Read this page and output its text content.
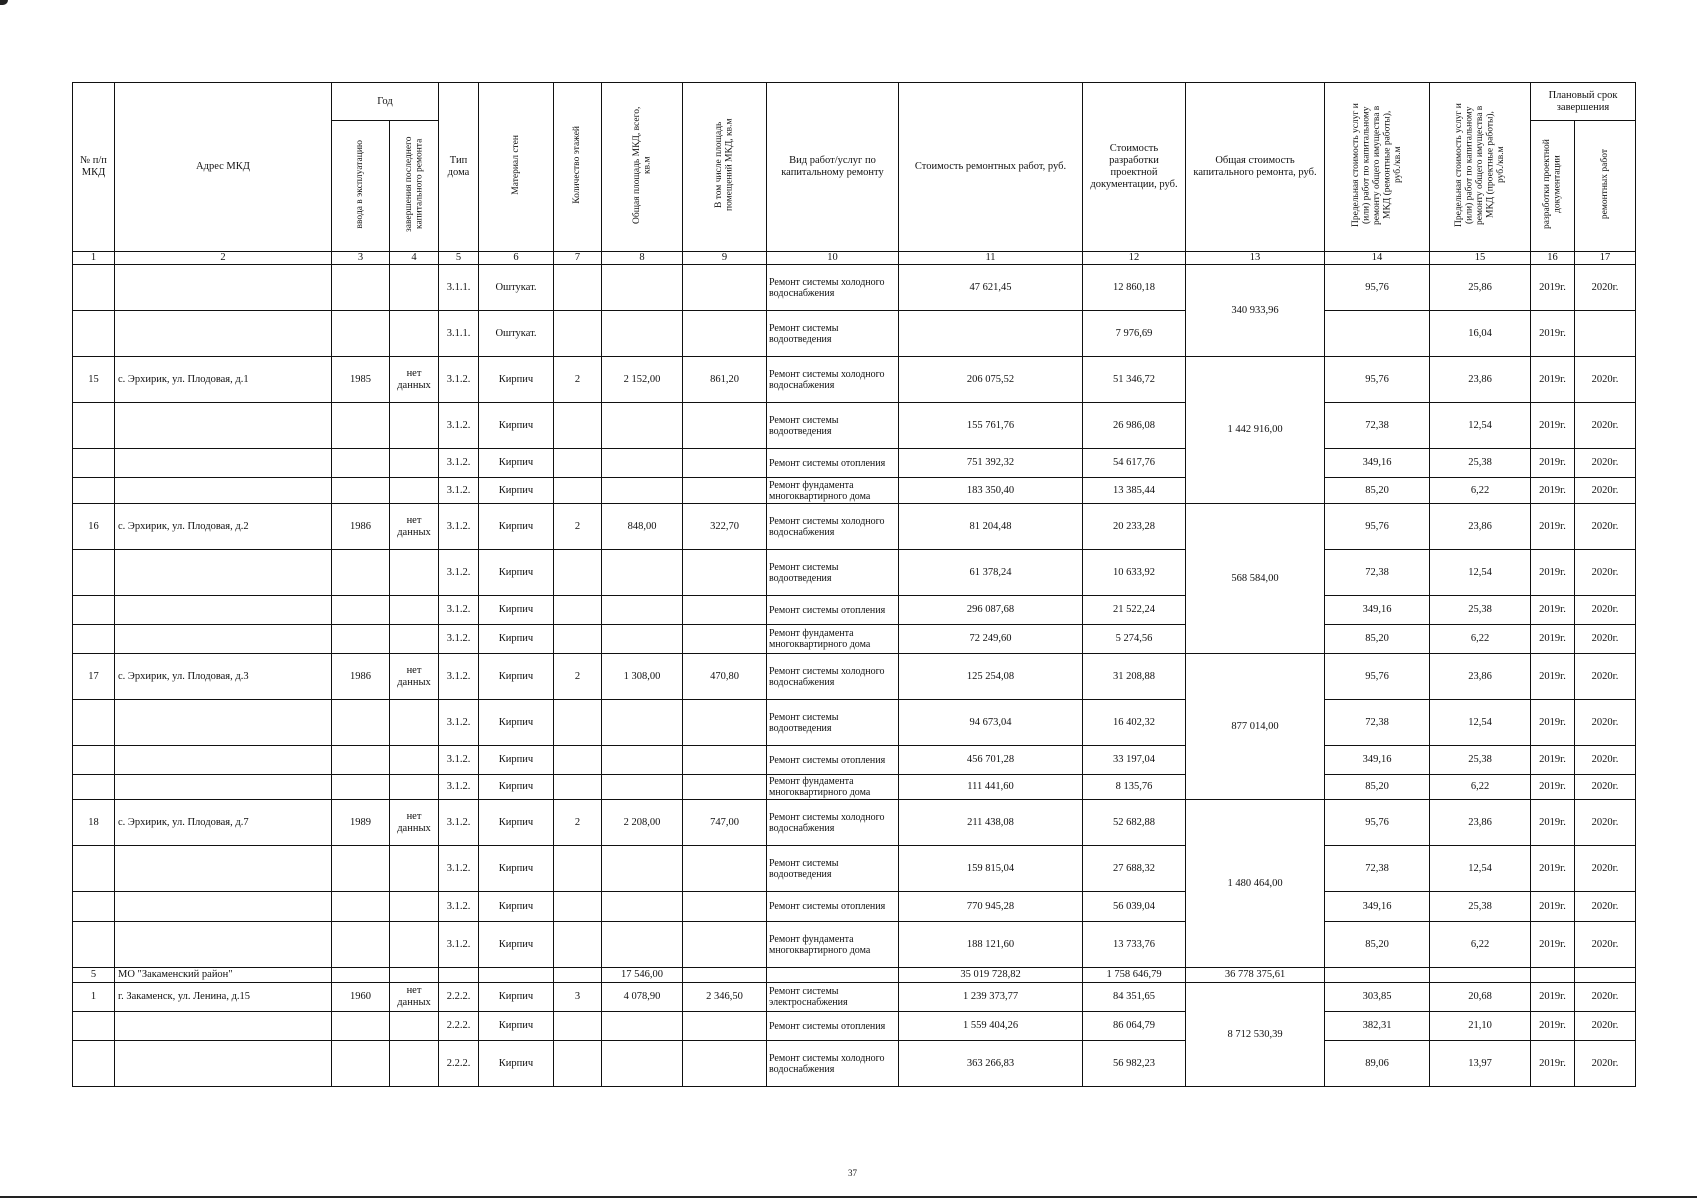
№ п/п МКД	Адрес МКД	Год		Тип дома	Материал стен	Количество этажей	Общая площадь МКД, всего, кв.м	В том числе площадь помещений МКД, кв.м	Вид работ/услуг по капитальному ремонту	Стоимость ремонтных работ, руб.	Стоимость разработки проектной документации, руб.	Общая стоимость капитального ремонта, руб.	Предельная стоимость услуг и (или) работ по капитальному ремонту общего имущества в МКД (ремонтные работы), руб./кв.м	Предельная стоимость услуг и (или) работ по капитальному ремонту общего имущества в МКД (проектные работы), руб./кв.м	Плановый срок завершения	
		ввода в эксплуатацию	завершения последнего капитального ремонта												разработки проектной документации	ремонтных работ
1	2	3	4	5	6	7	8	9	10	11	12	13	14	15	16	17
				3.1.1.	Оштукат.				Ремонт системы холодного водоснабжения	47 621,45	12 860,18	340 933,96	95,76	25,86	2019г.	2020г.
				3.1.1.	Оштукат.				Ремонт системы водоотведения		7 976,69			16,04	2019г.	
15	с. Эрхирик, ул. Плодовая, д.1	1985	нет данных	3.1.2.	Кирпич	2	2 152,00	861,20	Ремонт системы холодного водоснабжения	206 075,52	51 346,72	1 442 916,00	95,76	23,86	2019г.	2020г.
				3.1.2.	Кирпич				Ремонт системы водоотведения	155 761,76	26 986,08		72,38	12,54	2019г.	2020г.
				3.1.2.	Кирпич				Ремонт системы отопления	751 392,32	54 617,76		349,16	25,38	2019г.	2020г.
				3.1.2.	Кирпич				Ремонт фундамента многоквартирного дома	183 350,40	13 385,44		85,20	6,22	2019г.	2020г.
16	с. Эрхирик, ул. Плодовая, д.2	1986	нет данных	3.1.2.	Кирпич	2	848,00	322,70	Ремонт системы холодного водоснабжения	81 204,48	20 233,28	568 584,00	95,76	23,86	2019г.	2020г.
				3.1.2.	Кирпич				Ремонт системы водоотведения	61 378,24	10 633,92		72,38	12,54	2019г.	2020г.
				3.1.2.	Кирпич				Ремонт системы отопления	296 087,68	21 522,24		349,16	25,38	2019г.	2020г.
				3.1.2.	Кирпич				Ремонт фундамента многоквартирного дома	72 249,60	5 274,56		85,20	6,22	2019г.	2020г.
17	с. Эрхирик, ул. Плодовая, д.3	1986	нет данных	3.1.2.	Кирпич	2	1 308,00	470,80	Ремонт системы холодного водоснабжения	125 254,08	31 208,88	877 014,00	95,76	23,86	2019г.	2020г.
				3.1.2.	Кирпич				Ремонт системы водоотведения	94 673,04	16 402,32		72,38	12,54	2019г.	2020г.
				3.1.2.	Кирпич				Ремонт системы отопления	456 701,28	33 197,04		349,16	25,38	2019г.	2020г.
				3.1.2.	Кирпич				Ремонт фундамента многоквартирного дома	111 441,60	8 135,76		85,20	6,22	2019г.	2020г.
18	с. Эрхирик, ул. Плодовая, д.7	1989	нет данных	3.1.2.	Кирпич	2	2 208,00	747,00	Ремонт системы холодного водоснабжения	211 438,08	52 682,88	1 480 464,00	95,76	23,86	2019г.	2020г.
				3.1.2.	Кирпич				Ремонт системы водоотведения	159 815,04	27 688,32		72,38	12,54	2019г.	2020г.
				3.1.2.	Кирпич				Ремонт системы отопления	770 945,28	56 039,04		349,16	25,38	2019г.	2020г.
				3.1.2.	Кирпич				Ремонт фундамента многоквартирного дома	188 121,60	13 733,76		85,20	6,22	2019г.	2020г.
5	МО "Закаменский район"						17 546,00			35 019 728,82	1 758 646,79	36 778 375,61				
1	г. Закаменск, ул. Ленина, д.15	1960	нет данных	2.2.2.	Кирпич	3	4 078,90	2 346,50	Ремонт системы электроснабжения	1 239 373,77	84 351,65	8 712 530,39	303,85	20,68	2019г.	2020г.
				2.2.2.	Кирпич				Ремонт системы отопления	1 559 404,26	86 064,79		382,31	21,10	2019г.	2020г.
				2.2.2.	Кирпич				Ремонт системы холодного водоснабжения	363 266,83	56 982,23		89,06	13,97	2019г.	2020г.
37
